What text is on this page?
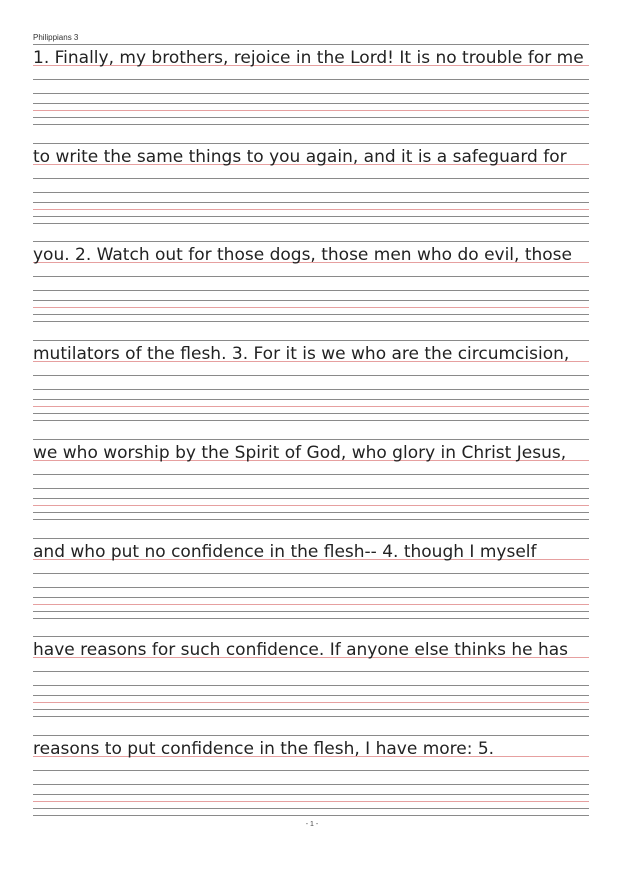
Philippians 3
1. Finally, my brothers, rejoice in the Lord! It is no trouble for me
to write the same things to you again, and it is a safeguard for
you. 2. Watch out for those dogs, those men who do evil, those
mutilators of the flesh. 3. For it is we who are the circumcision,
we who worship by the Spirit of God, who glory in Christ Jesus,
and who put no confidence in the flesh-- 4. though I myself
have reasons for such confidence. If anyone else thinks he has
reasons to put confidence in the flesh, I have more: 5.
- 1 -
